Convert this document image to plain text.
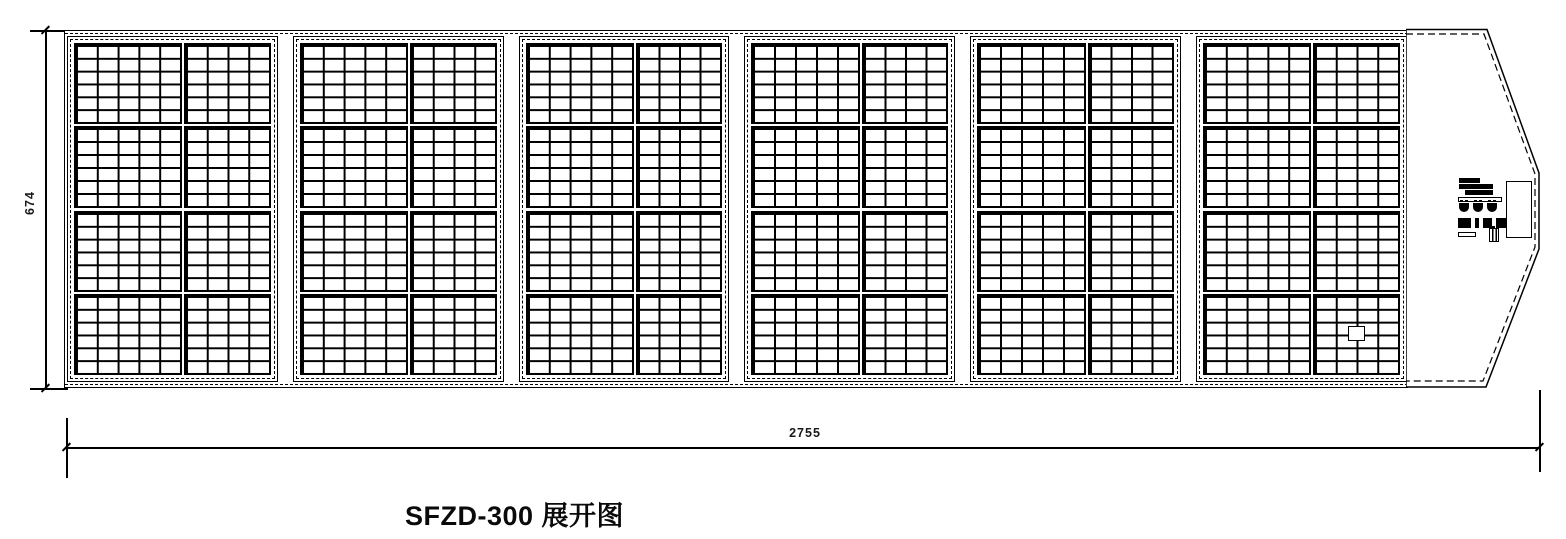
674
2755
SFZD-300 展开图
